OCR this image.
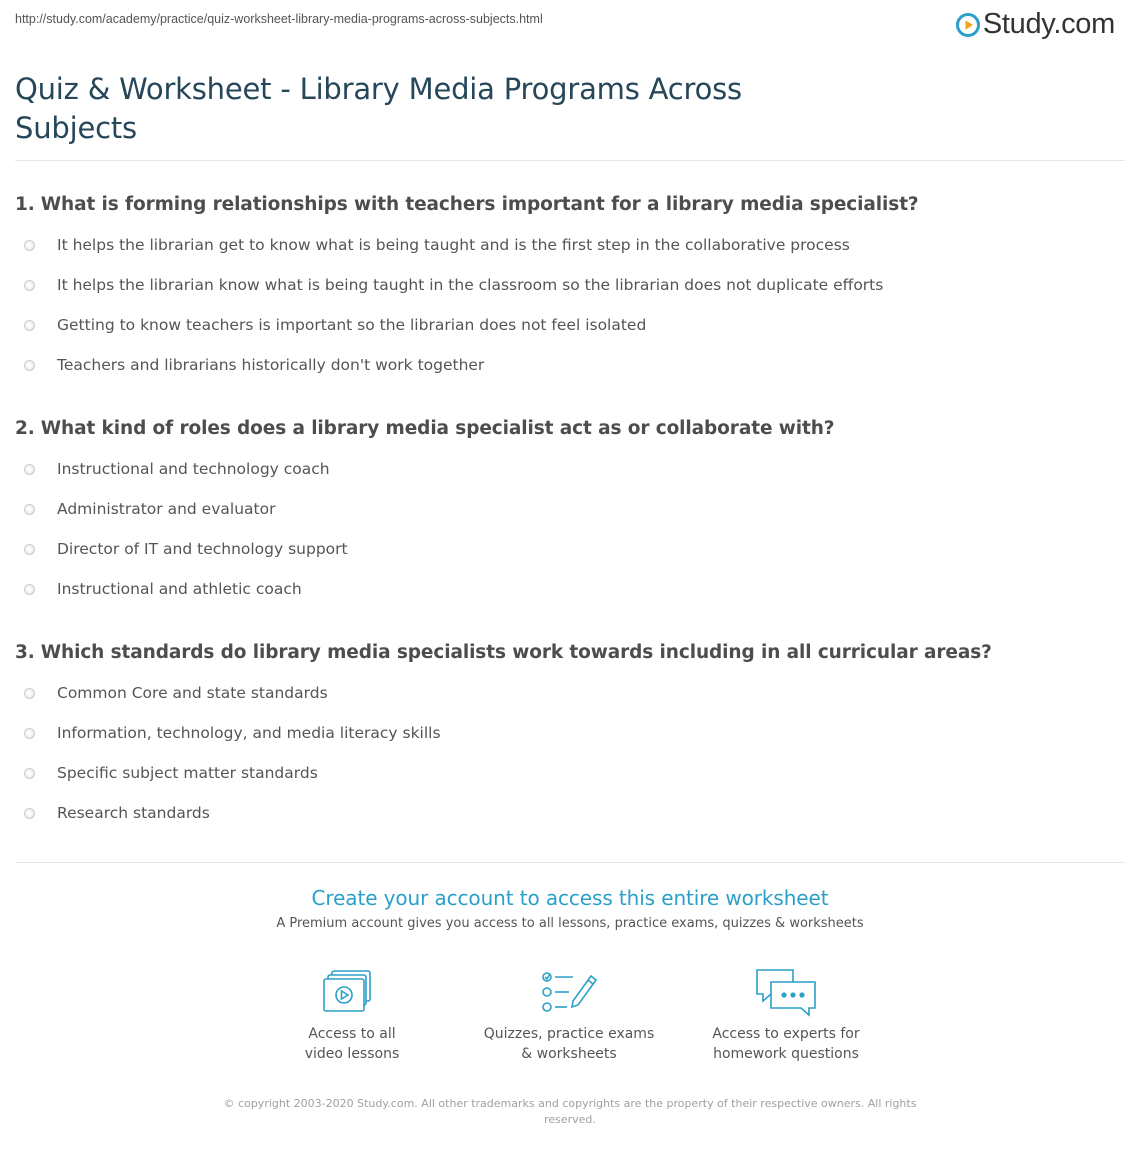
http://study.com/academy/practice/quiz-worksheet-library-media-programs-across-subjects.html	Study.com
Quiz & Worksheet - Library Media Programs Across Subjects
1. What is forming relationships with teachers important for a library media specialist?
It helps the librarian get to know what is being taught and is the first step in the collaborative process
It helps the librarian know what is being taught in the classroom so the librarian does not duplicate efforts
Getting to know teachers is important so the librarian does not feel isolated
Teachers and librarians historically don't work together
2. What kind of roles does a library media specialist act as or collaborate with?
Instructional and technology coach
Administrator and evaluator
Director of IT and technology support
Instructional and athletic coach
3. Which standards do library media specialists work towards including in all curricular areas?
Common Core and state standards
Information, technology, and media literacy skills
Specific subject matter standards
Research standards
Create your account to access this entire worksheet
A Premium account gives you access to all lessons, practice exams, quizzes & worksheets
Access to all
video lessons
Quizzes, practice exams
& worksheets
Access to experts for
homework questions
© copyright 2003-2020 Study.com. All other trademarks and copyrights are the property of their respective owners. All rights reserved.
